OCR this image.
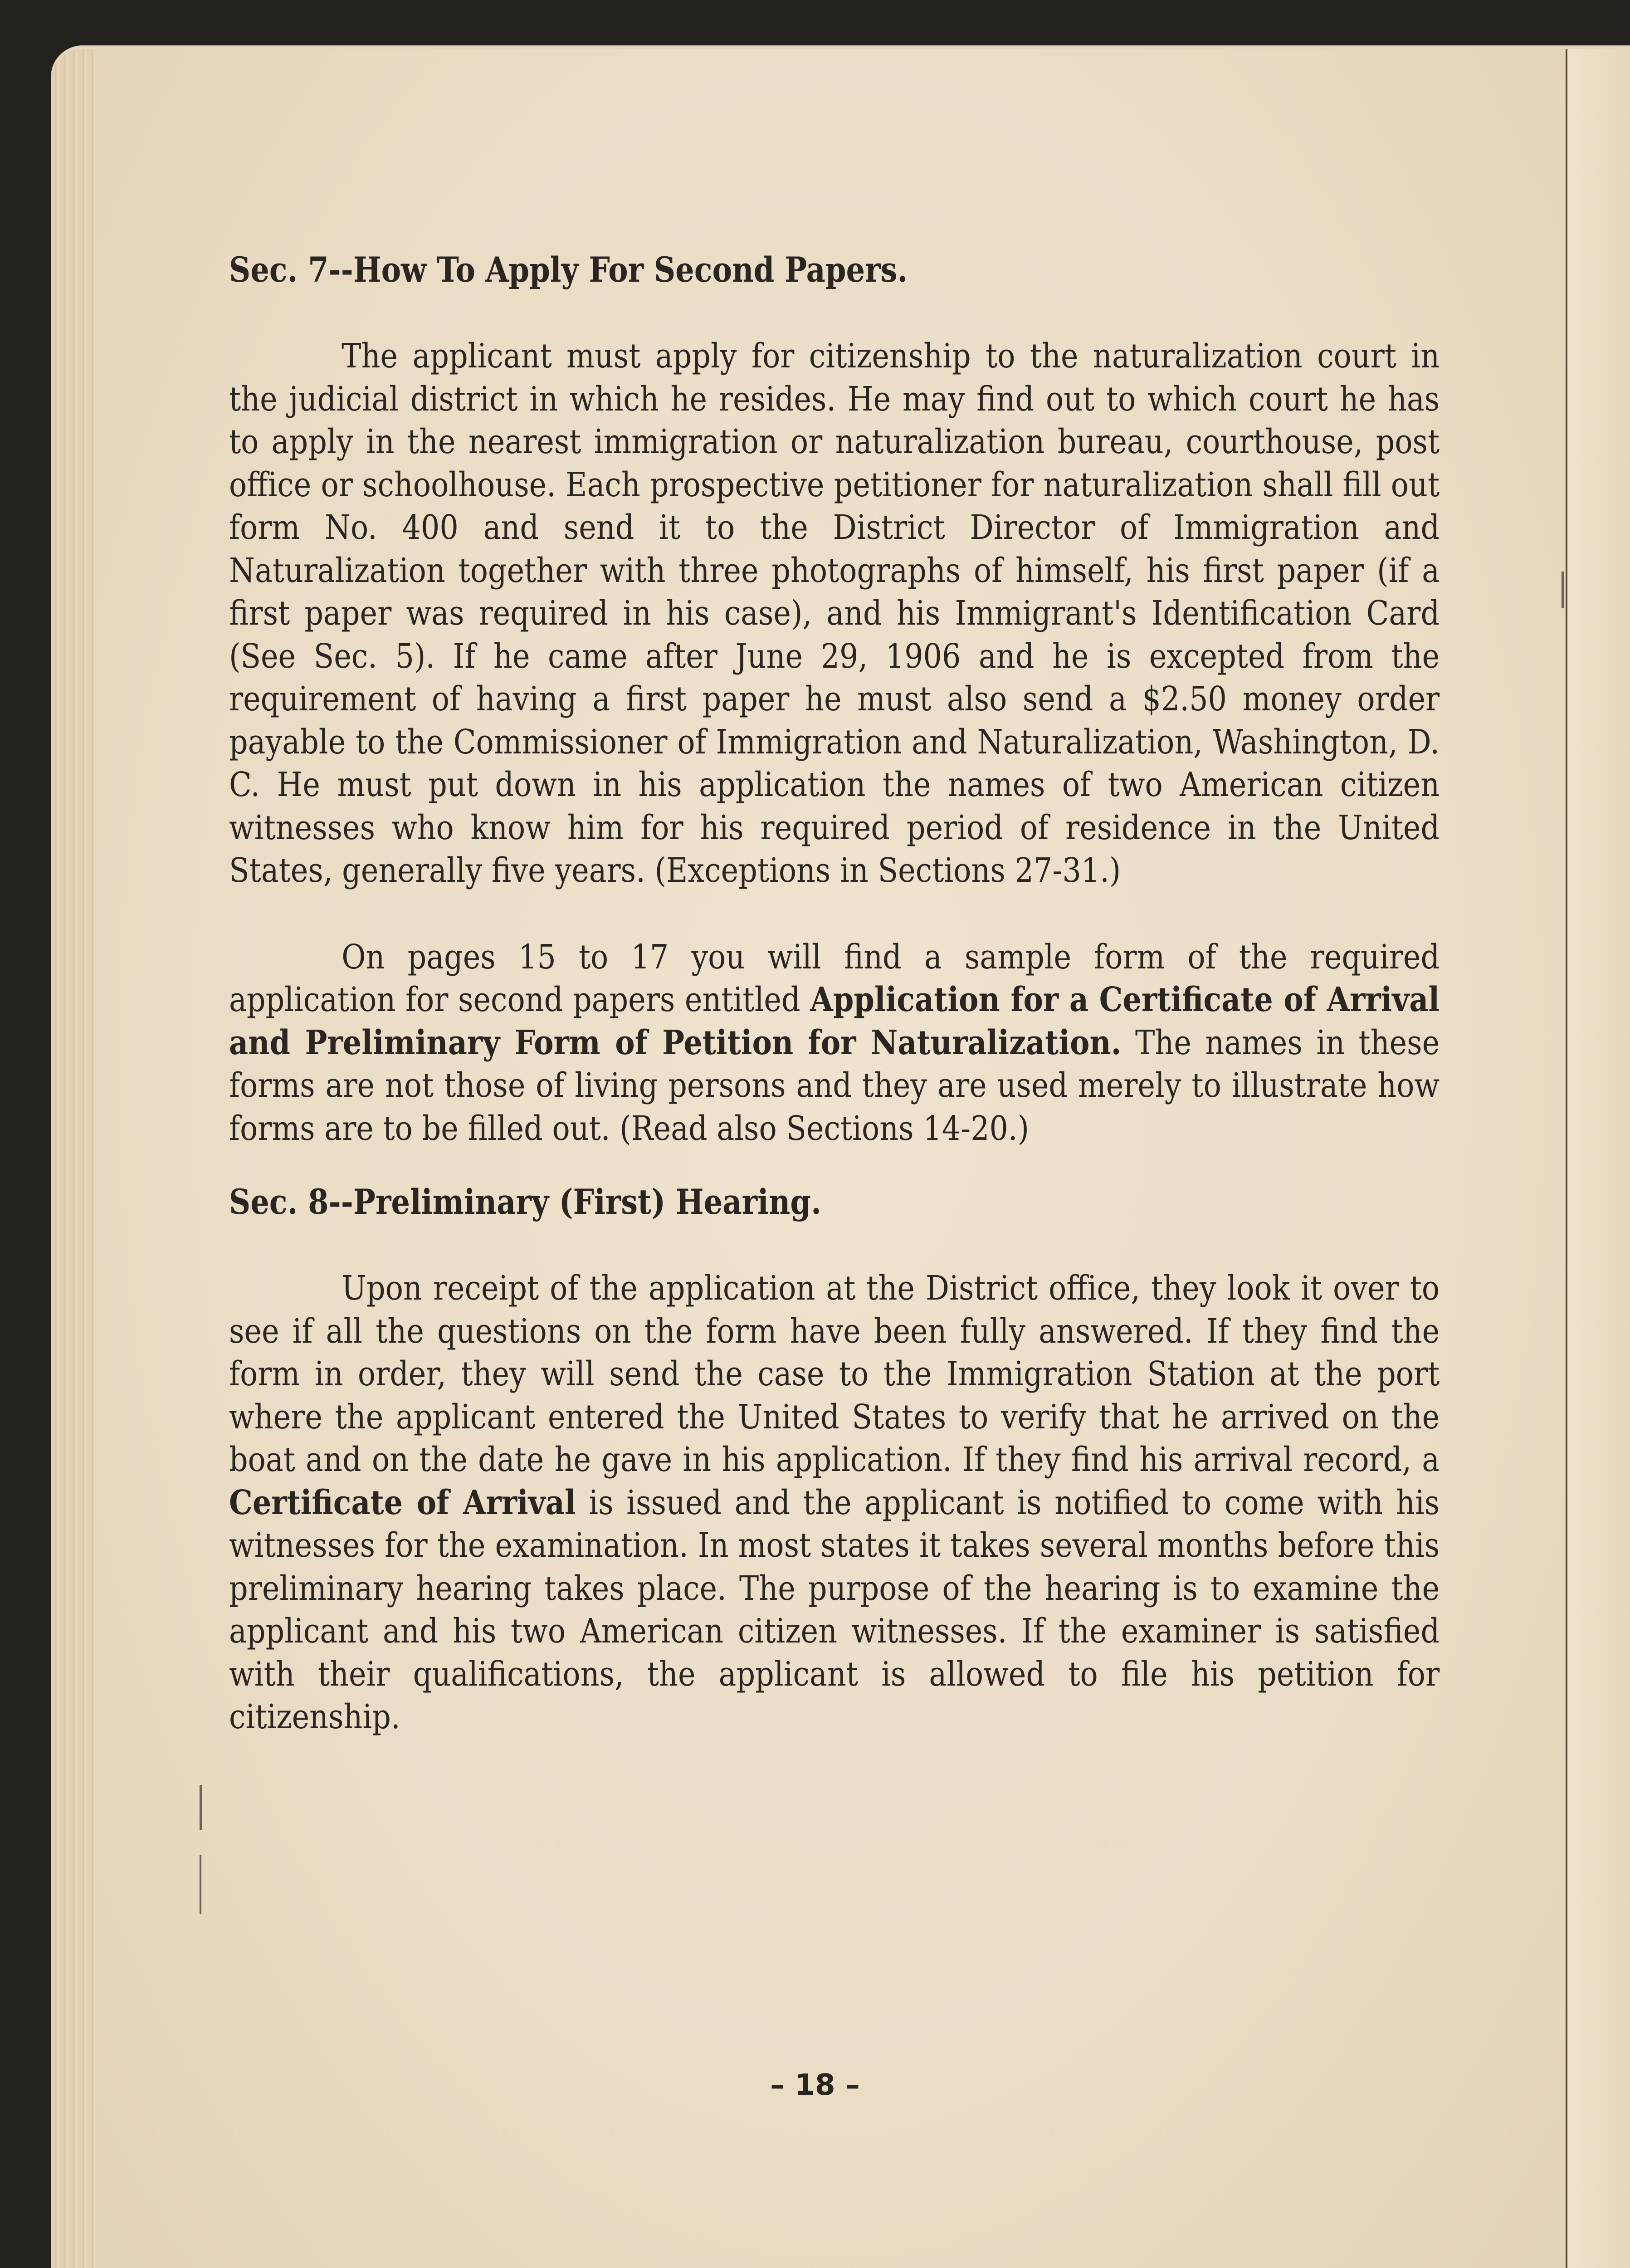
Sec. 7--How To Apply For Second Papers.

The applicant must apply for citizenship to the naturalization court in the judicial district in which he resides. He may find out to which court he has to apply in the nearest immigration or naturalization bureau, courthouse, post office or schoolhouse. Each prospective petitioner for naturalization shall fill out form No. 400 and send it to the District Director of Immigration and Naturalization together with three photographs of himself, his first paper (if a first paper was required in his case), and his Immigrant's Identification Card (See Sec. 5). If he came after June 29, 1906 and he is excepted from the requirement of having a first paper he must also send a $2.50 money order payable to the Commissioner of Immigration and Naturalization, Washington, D. C. He must put down in his application the names of two American citizen witnesses who know him for his required period of residence in the United States, generally five years. (Exceptions in Sections 27-31.)

On pages 15 to 17 you will find a sample form of the required application for second papers entitled Application for a Certificate of Arrival and Preliminary Form of Petition for Naturalization. The names in these forms are not those of living persons and they are used merely to illustrate how forms are to be filled out. (Read also Sections 14-20.)

Sec. 8--Preliminary (First) Hearing.

Upon receipt of the application at the District office, they look it over to see if all the questions on the form have been fully answered. If they find the form in order, they will send the case to the Immigration Station at the port where the applicant entered the United States to verify that he arrived on the boat and on the date he gave in his application. If they find his arrival record, a Certificate of Arrival is issued and the applicant is notified to come with his witnesses for the examination. In most states it takes several months before this preliminary hearing takes place. The purpose of the hearing is to examine the applicant and his two American citizen witnesses. If the examiner is satisfied with their qualifications, the applicant is allowed to file his petition for citizenship.

– 18 –
